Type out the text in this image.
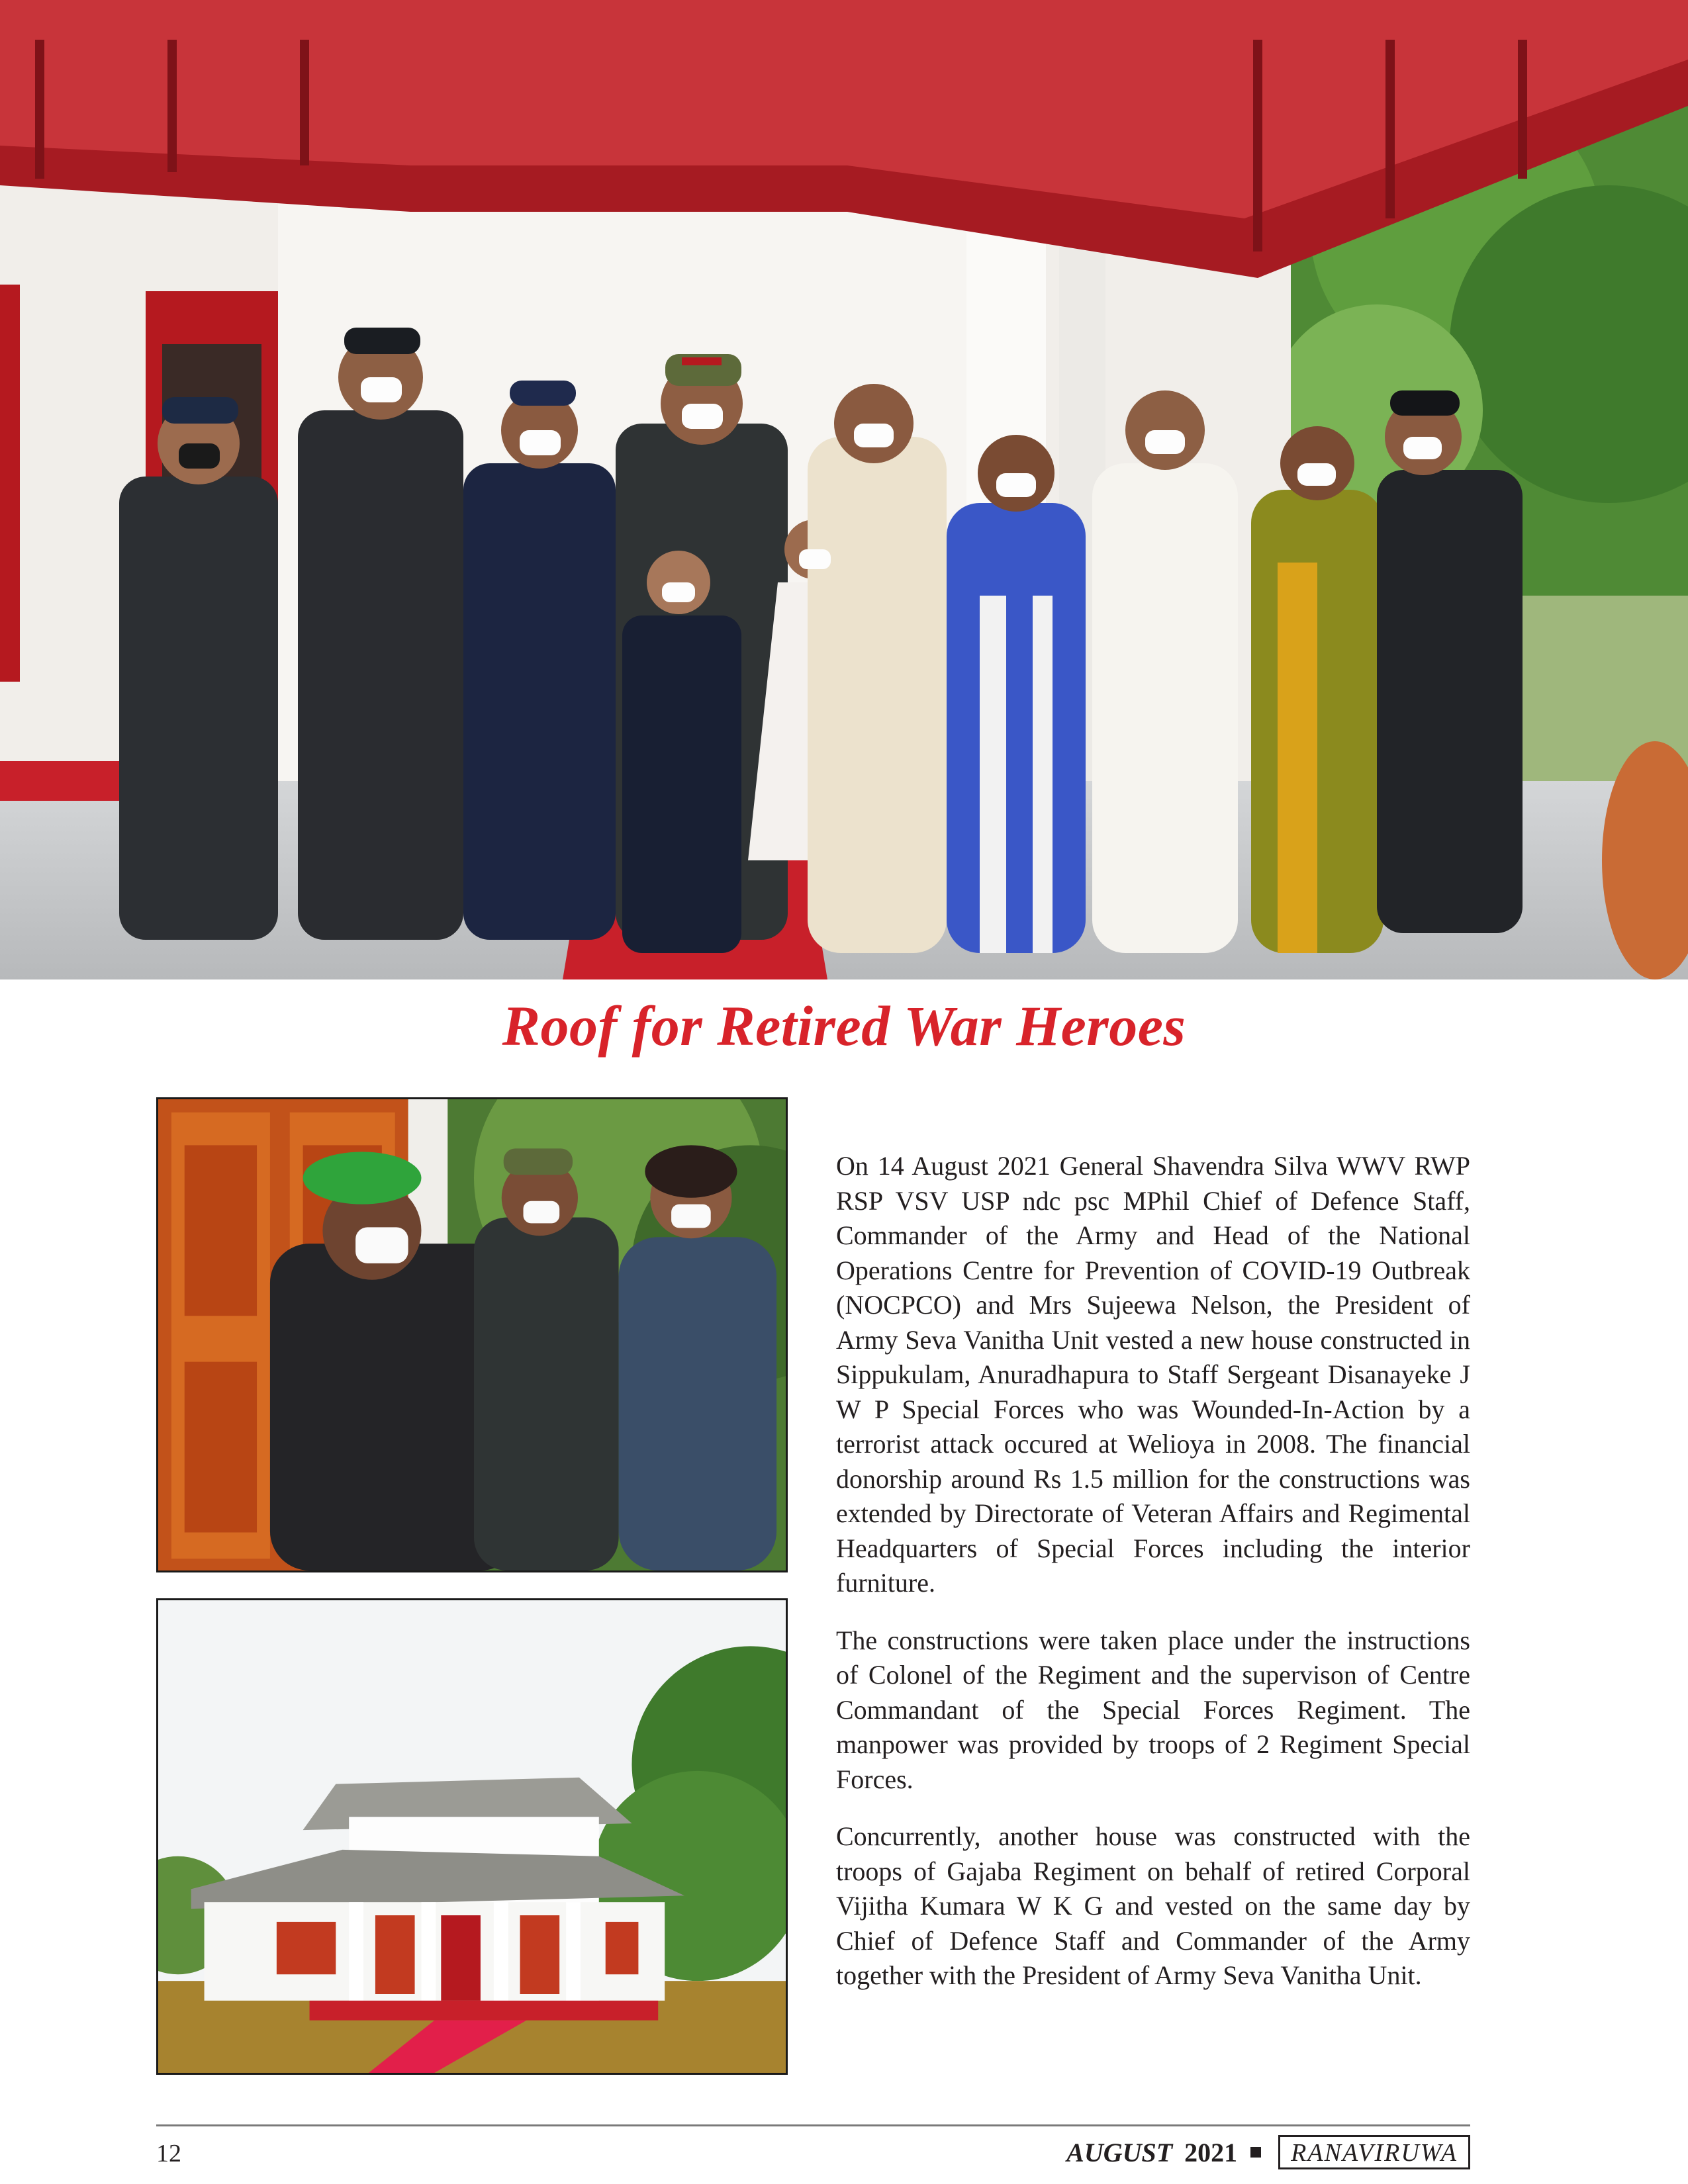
Roof for Retired War Heroes

On 14 August 2021 General Shavendra Silva WWV RWP RSP VSV USP ndc psc MPhil Chief of Defence Staff, Commander of the Army and Head of the National Operations Centre for Prevention of COVID-19 Outbreak (NOCPCO) and Mrs Sujeewa Nelson, the President of Army Seva Vanitha Unit vested a new house constructed in Sippukulam, Anuradhapura to Staff Sergeant Disanayeke J W P Special Forces who was Wounded-In-Action by a terrorist attack occured at Welioya in 2008. The financial donorship around Rs 1.5 million for the constructions was extended by Directorate of Veteran Affairs and Regimental Headquarters of Special Forces including the interior furniture.

The constructions were taken place under the instructions of Colonel of the Regiment and the supervison of Centre Commandant of the Special Forces Regiment. The manpower was provided by troops of 2 Regiment Special Forces.

Concurrently, another house was constructed with the troops of Gajaba Regiment on behalf of retired Corporal Vijitha Kumara W K G and vested on the same day by Chief of Defence Staff and Commander of the Army together with the President of Army Seva Vanitha Unit.

12	AUGUST 2021	RANAVIRUWA
